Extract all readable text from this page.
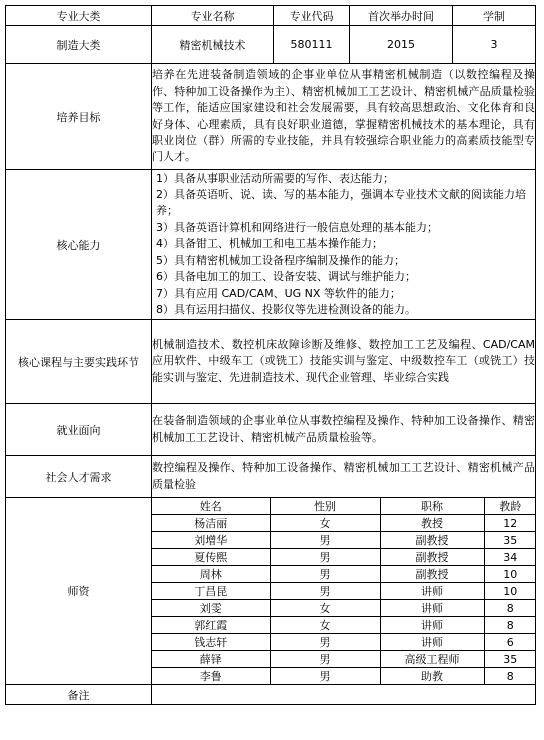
专业大类	专业名称	专业代码	首次举办时间	学制
制造大类	精密机械技术	580111	2015	3
培养目标	培养在先进装备制造领域的企事业单位从事精密机械制造（以数控编程及操作、特种加工设备操作为主）、精密机械加工工艺设计、精密机械产品质量检验等工作，能适应国家建设和社会发展需要，具有较高思想政治、文化体育和良好身体、心理素质，具有良好职业道德，掌握精密机械技术的基本理论，具有职业岗位（群）所需的专业技能，并具有较强综合职业能力的高素质技能型专门人才。
核心能力	
1）具备从事职业活动所需要的写作、表达能力；
2）具备英语听、说、读、写的基本能力，强调本专业技术文献的阅读能力培养；
3）具备英语计算机和网络进行一般信息处理的基本能力；
4）具备钳工、机械加工和电工基本操作能力；
5）具有精密机械加工设备程序编制及操作的能力；
6）具备电加工的加工、设备安装、调试与维护能力；
7）具有应用 CAD/CAM、UG NX 等软件的能力；
8）具有运用扫描仪、投影仪等先进检测设备的能力。

核心课程与主要实践环节	机械制造技术、数控机床故障诊断及维修、数控加工工艺及编程、CAD/CAM 应用软件、中级车工（或铣工）技能实训与鉴定、中级数控车工（或铣工）技能实训与鉴定、先进制造技术、现代企业管理、毕业综合实践
就业面向	在装备制造领域的企事业单位从事数控编程及操作、特种加工设备操作、精密机械加工工艺设计、精密机械产品质量检验等。
社会人才需求	数控编程及操作、特种加工设备操作、精密机械加工工艺设计、精密机械产品质量检验
师资	
姓名	性别	职称	教龄
杨洁丽	女	教授	12
刘增华	男	副教授	35
夏传熙	男	副教授	34
周林	男	副教授	10
丁昌昆	男	讲师	10
刘雯	女	讲师	8
郭红霞	女	讲师	8
钱志轩	男	讲师	6
薛铎	男	高级工程师	35
李鲁	男	助教	8

备注	
